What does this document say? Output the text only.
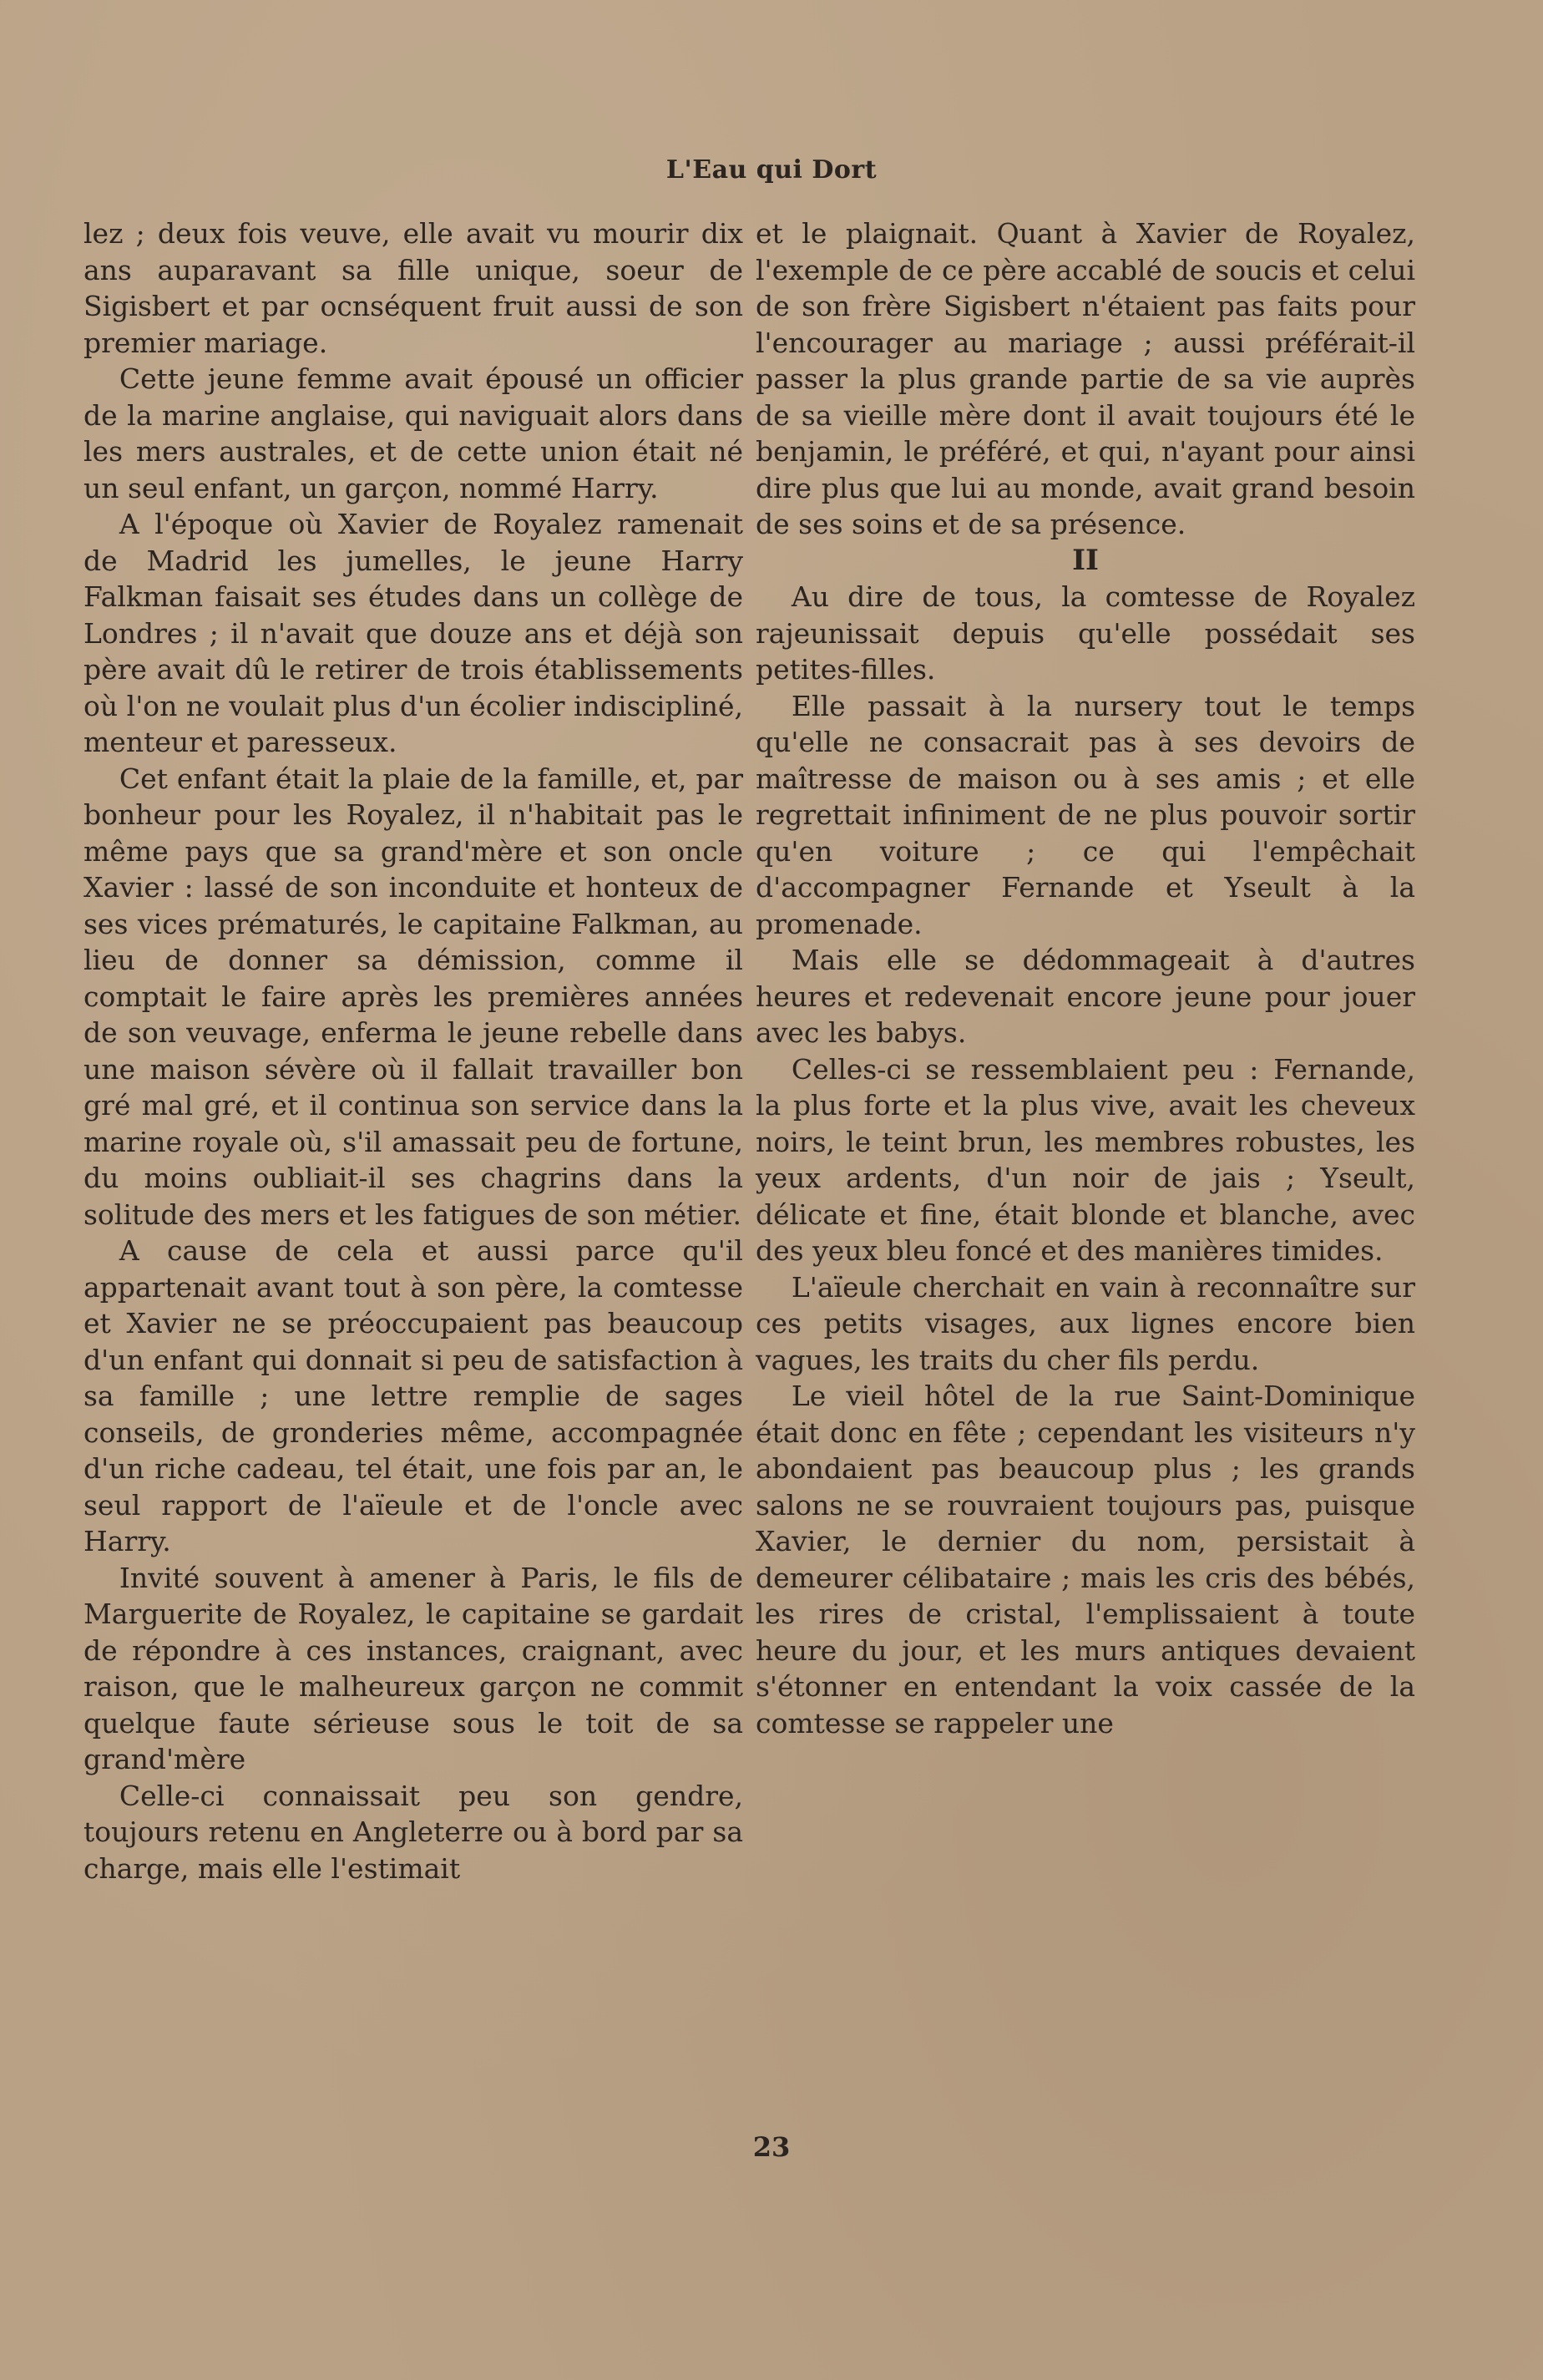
L'Eau qui Dort

lez ; deux fois veuve, elle avait vu mourir dix ans auparavant sa fille unique, soeur de Sigisbert et par ocnséquent fruit aussi de son premier mariage.

Cette jeune femme avait épousé un officier de la marine anglaise, qui naviguait alors dans les mers australes, et de cette union était né un seul enfant, un garçon, nommé Harry.

A l'époque où Xavier de Royalez ramenait de Madrid les jumelles, le jeune Harry Falkman faisait ses études dans un collège de Londres ; il n'avait que douze ans et déjà son père avait dû le retirer de trois établissements où l'on ne voulait plus d'un écolier indiscipliné, menteur et paresseux.

Cet enfant était la plaie de la famille, et, par bonheur pour les Royalez, il n'habitait pas le même pays que sa grand'mère et son oncle Xavier : lassé de son inconduite et honteux de ses vices prématurés, le capitaine Falkman, au lieu de donner sa démission, comme il comptait le faire après les premières années de son veuvage, enferma le jeune rebelle dans une maison sévère où il fallait travailler bon gré mal gré, et il continua son service dans la marine royale où, s'il amassait peu de fortune, du moins oubliait-il ses chagrins dans la solitude des mers et les fatigues de son métier.

A cause de cela et aussi parce qu'il appartenait avant tout à son père, la comtesse et Xavier ne se préoccupaient pas beaucoup d'un enfant qui donnait si peu de satisfaction à sa famille ; une lettre remplie de sages conseils, de gronderies même, accompagnée d'un riche cadeau, tel était, une fois par an, le seul rapport de l'aïeule et de l'oncle avec Harry.

Invité souvent à amener à Paris, le fils de Marguerite de Royalez, le capitaine se gardait de répondre à ces instances, craignant, avec raison, que le malheureux garçon ne commit quelque faute sérieuse sous le toit de sa grand'mère

Celle-ci connaissait peu son gendre, toujours retenu en Angleterre ou à bord par sa charge, mais elle l'estimait

et le plaignait. Quant à Xavier de Royalez, l'exemple de ce père accablé de soucis et celui de son frère Sigisbert n'étaient pas faits pour l'encourager au mariage ; aussi préférait-il passer la plus grande partie de sa vie auprès de sa vieille mère dont il avait toujours été le benjamin, le préféré, et qui, n'ayant pour ainsi dire plus que lui au monde, avait grand besoin de ses soins et de sa présence.

II

Au dire de tous, la comtesse de Royalez rajeunissait depuis qu'elle possédait ses petites-filles.

Elle passait à la nursery tout le temps qu'elle ne consacrait pas à ses devoirs de maîtresse de maison ou à ses amis ; et elle regrettait infiniment de ne plus pouvoir sortir qu'en voiture ; ce qui l'empêchait d'accompagner Fernande et Yseult à la promenade.

Mais elle se dédommageait à d'autres heures et redevenait encore jeune pour jouer avec les babys.

Celles-ci se ressemblaient peu : Fernande, la plus forte et la plus vive, avait les cheveux noirs, le teint brun, les membres robustes, les yeux ardents, d'un noir de jais ; Yseult, délicate et fine, était blonde et blanche, avec des yeux bleu foncé et des manières timides.

L'aïeule cherchait en vain à reconnaître sur ces petits visages, aux lignes encore bien vagues, les traits du cher fils perdu.

Le vieil hôtel de la rue Saint-Dominique était donc en fête ; cependant les visiteurs n'y abondaient pas beaucoup plus ; les grands salons ne se rouvraient toujours pas, puisque Xavier, le dernier du nom, persistait à demeurer célibataire ; mais les cris des bébés, les rires de cristal, l'emplissaient à toute heure du jour, et les murs antiques devaient s'étonner en entendant la voix cassée de la comtesse se rappeler une

23
